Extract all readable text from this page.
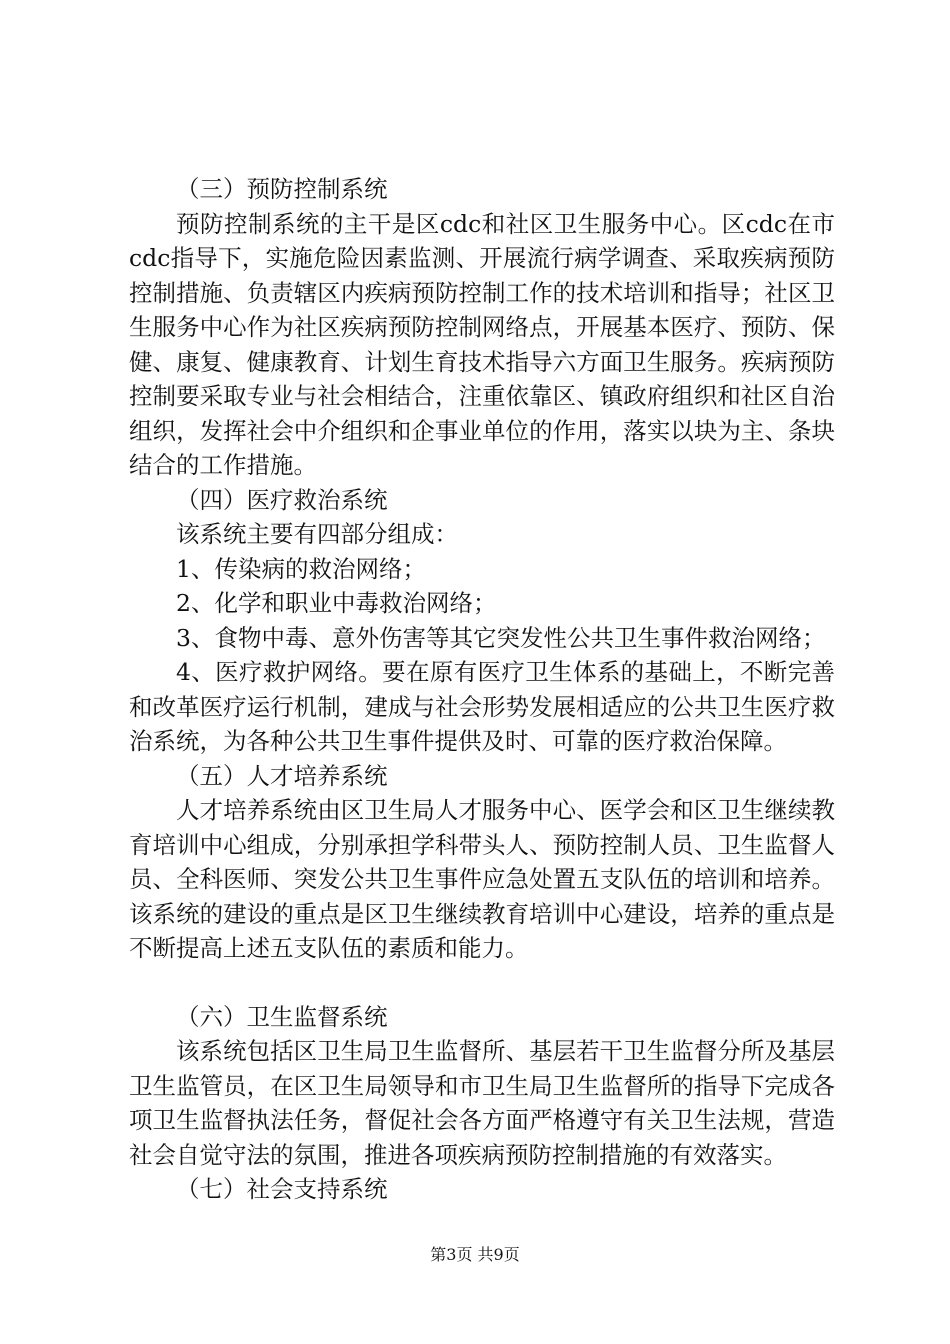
（三）预防控制系统

预防控制系统的主干是区cdc和社区卫生服务中心。区cdc在市cdc指导下，实施危险因素监测、开展流行病学调查、采取疾病预防控制措施、负责辖区内疾病预防控制工作的技术培训和指导；社区卫生服务中心作为社区疾病预防控制网络点，开展基本医疗、预防、保健、康复、健康教育、计划生育技术指导六方面卫生服务。疾病预防控制要采取专业与社会相结合，注重依靠区、镇政府组织和社区自治组织，发挥社会中介组织和企事业单位的作用，落实以块为主、条块结合的工作措施。

（四）医疗救治系统

该系统主要有四部分组成：

1、传染病的救治网络；

2、化学和职业中毒救治网络；

3、食物中毒、意外伤害等其它突发性公共卫生事件救治网络；

4、医疗救护网络。要在原有医疗卫生体系的基础上，不断完善和改革医疗运行机制，建成与社会形势发展相适应的公共卫生医疗救治系统，为各种公共卫生事件提供及时、可靠的医疗救治保障。

（五）人才培养系统

人才培养系统由区卫生局人才服务中心、医学会和区卫生继续教育培训中心组成，分别承担学科带头人、预防控制人员、卫生监督人员、全科医师、突发公共卫生事件应急处置五支队伍的培训和培养。该系统的建设的重点是区卫生继续教育培训中心建设，培养的重点是不断提高上述五支队伍的素质和能力。

（六）卫生监督系统

该系统包括区卫生局卫生监督所、基层若干卫生监督分所及基层卫生监管员，在区卫生局领导和市卫生局卫生监督所的指导下完成各项卫生监督执法任务，督促社会各方面严格遵守有关卫生法规，营造社会自觉守法的氛围，推进各项疾病预防控制措施的有效落实。

（七）社会支持系统

第3页 共9页
